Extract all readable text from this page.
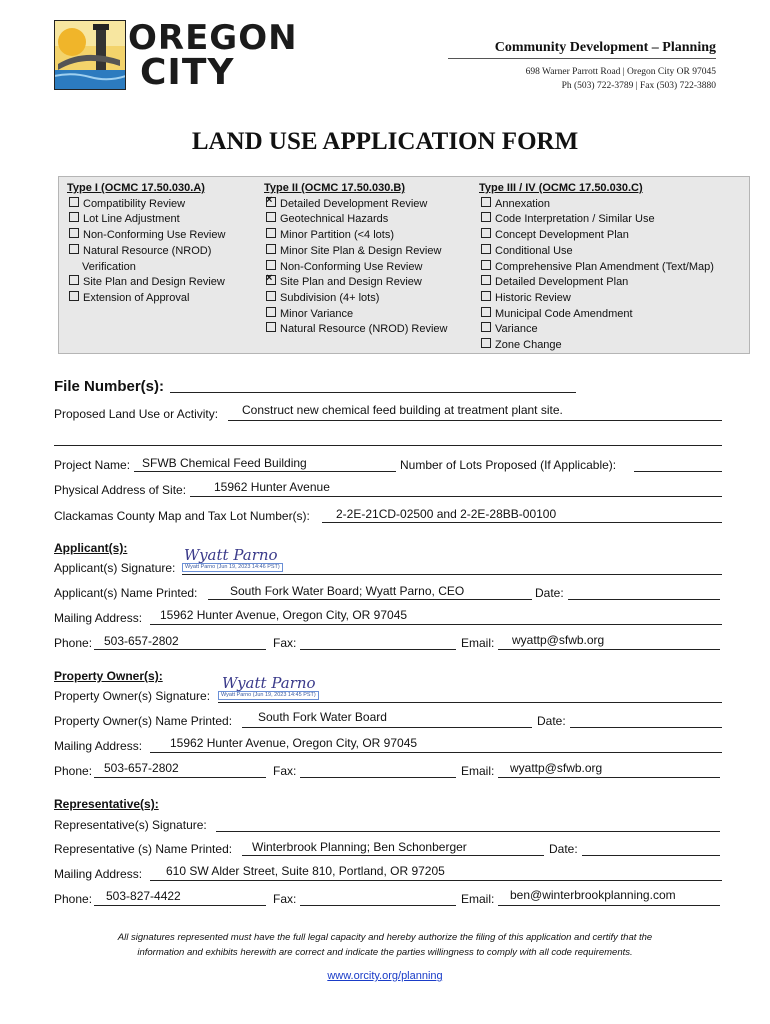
OREGON
CITY
Community Development – Planning
698 Warner Parrott Road | Oregon City OR 97045
Ph (503) 722-3789 | Fax (503) 722-3880
LAND USE APPLICATION FORM
Type I (OCMC 17.50.030.A)
Compatibility Review
Lot Line Adjustment
Non-Conforming Use Review
Natural Resource (NROD)
Verification
Site Plan and Design Review
Extension of Approval
Type II (OCMC 17.50.030.B)
×Detailed Development Review
Geotechnical Hazards
Minor Partition (<4 lots)
Minor Site Plan & Design Review
Non-Conforming Use Review
×Site Plan and Design Review
Subdivision (4+ lots)
Minor Variance
Natural Resource (NROD) Review
Type III / IV (OCMC 17.50.030.C)
Annexation
Code Interpretation / Similar Use
Concept Development Plan
Conditional Use
Comprehensive Plan Amendment (Text/Map)
Detailed Development Plan
Historic Review
Municipal Code Amendment
Variance
Zone Change
File Number(s):
Proposed Land Use or Activity: Construct new chemical feed building at treatment plant site.
Project Name: SFWB Chemical Feed Building	Number of Lots Proposed (If Applicable):
Physical Address of Site: 15962 Hunter Avenue
Clackamas County Map and Tax Lot Number(s): 2-2E-21CD-02500 and 2-2E-28BB-00100
Applicant(s):
Applicant(s) Signature:
Wyatt Parno
Wyatt Parno (Jun 19, 2023 14:46 PST)
Applicant(s) Name Printed:	South Fork Water Board; Wyatt Parno, CEO	Date:
Mailing Address: 15962 Hunter Avenue, Oregon City, OR 97045
Phone: 503-657-2802	Fax:	Email: wyattp@sfwb.org
Property Owner(s):
Property Owner(s) Signature:
Wyatt Parno
Wyatt Parno (Jun 19, 2023 14:45 PST)
Property Owner(s) Name Printed: South Fork Water Board	Date:
Mailing Address: 15962 Hunter Avenue, Oregon City, OR 97045
Phone: 503-657-2802	Fax:	Email: wyattp@sfwb.org
Representative(s):
Representative(s) Signature:
Representative (s) Name Printed: Winterbrook Planning; Ben Schonberger	Date:
Mailing Address: 610 SW Alder Street, Suite 810, Portland, OR 97205
Phone: 503-827-4422	Fax:	Email: ben@winterbrookplanning.com
All signatures represented must have the full legal capacity and hereby authorize the filing of this application and certify that the
information and exhibits herewith are correct and indicate the parties willingness to comply with all code requirements.
www.orcity.org/planning
